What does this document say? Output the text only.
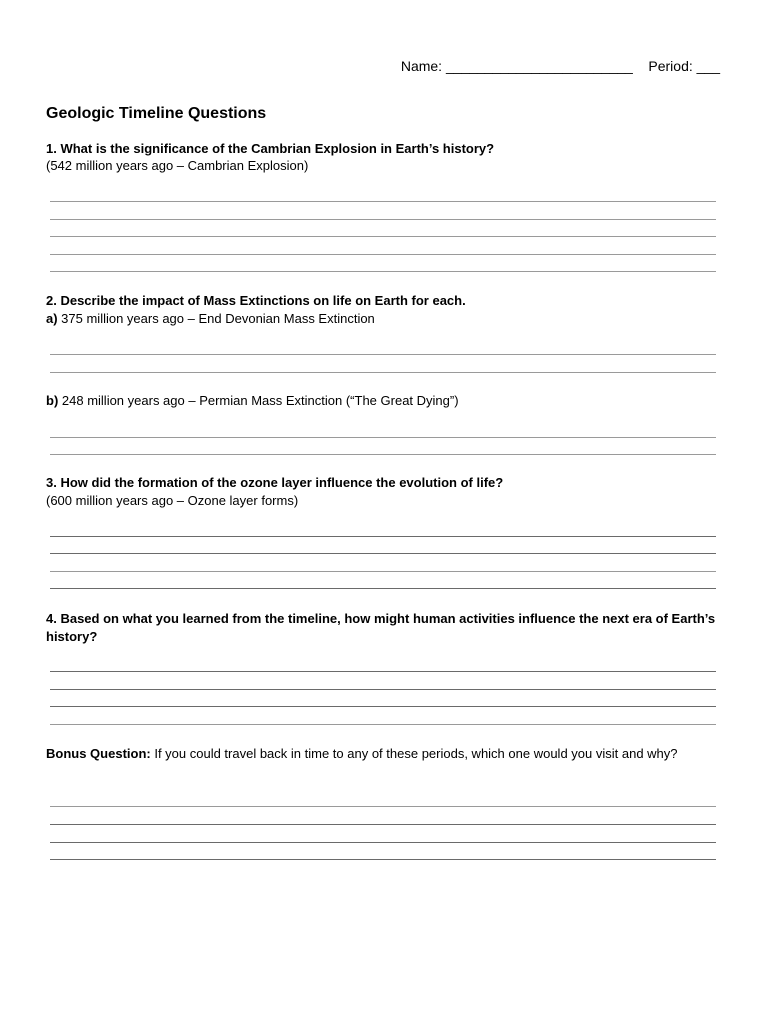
Name: ________________________ Period: ___
Geologic Timeline Questions
1. What is the significance of the Cambrian Explosion in Earth’s history?
(542 million years ago – Cambrian Explosion)
2. Describe the impact of Mass Extinctions on life on Earth for each.
a) 375 million years ago – End Devonian Mass Extinction
b) 248 million years ago – Permian Mass Extinction (“The Great Dying”)
3. How did the formation of the ozone layer influence the evolution of life?
(600 million years ago – Ozone layer forms)
4. Based on what you learned from the timeline, how might human activities influence the next era of Earth’s history?
Bonus Question: If you could travel back in time to any of these periods, which one would you visit and why?
